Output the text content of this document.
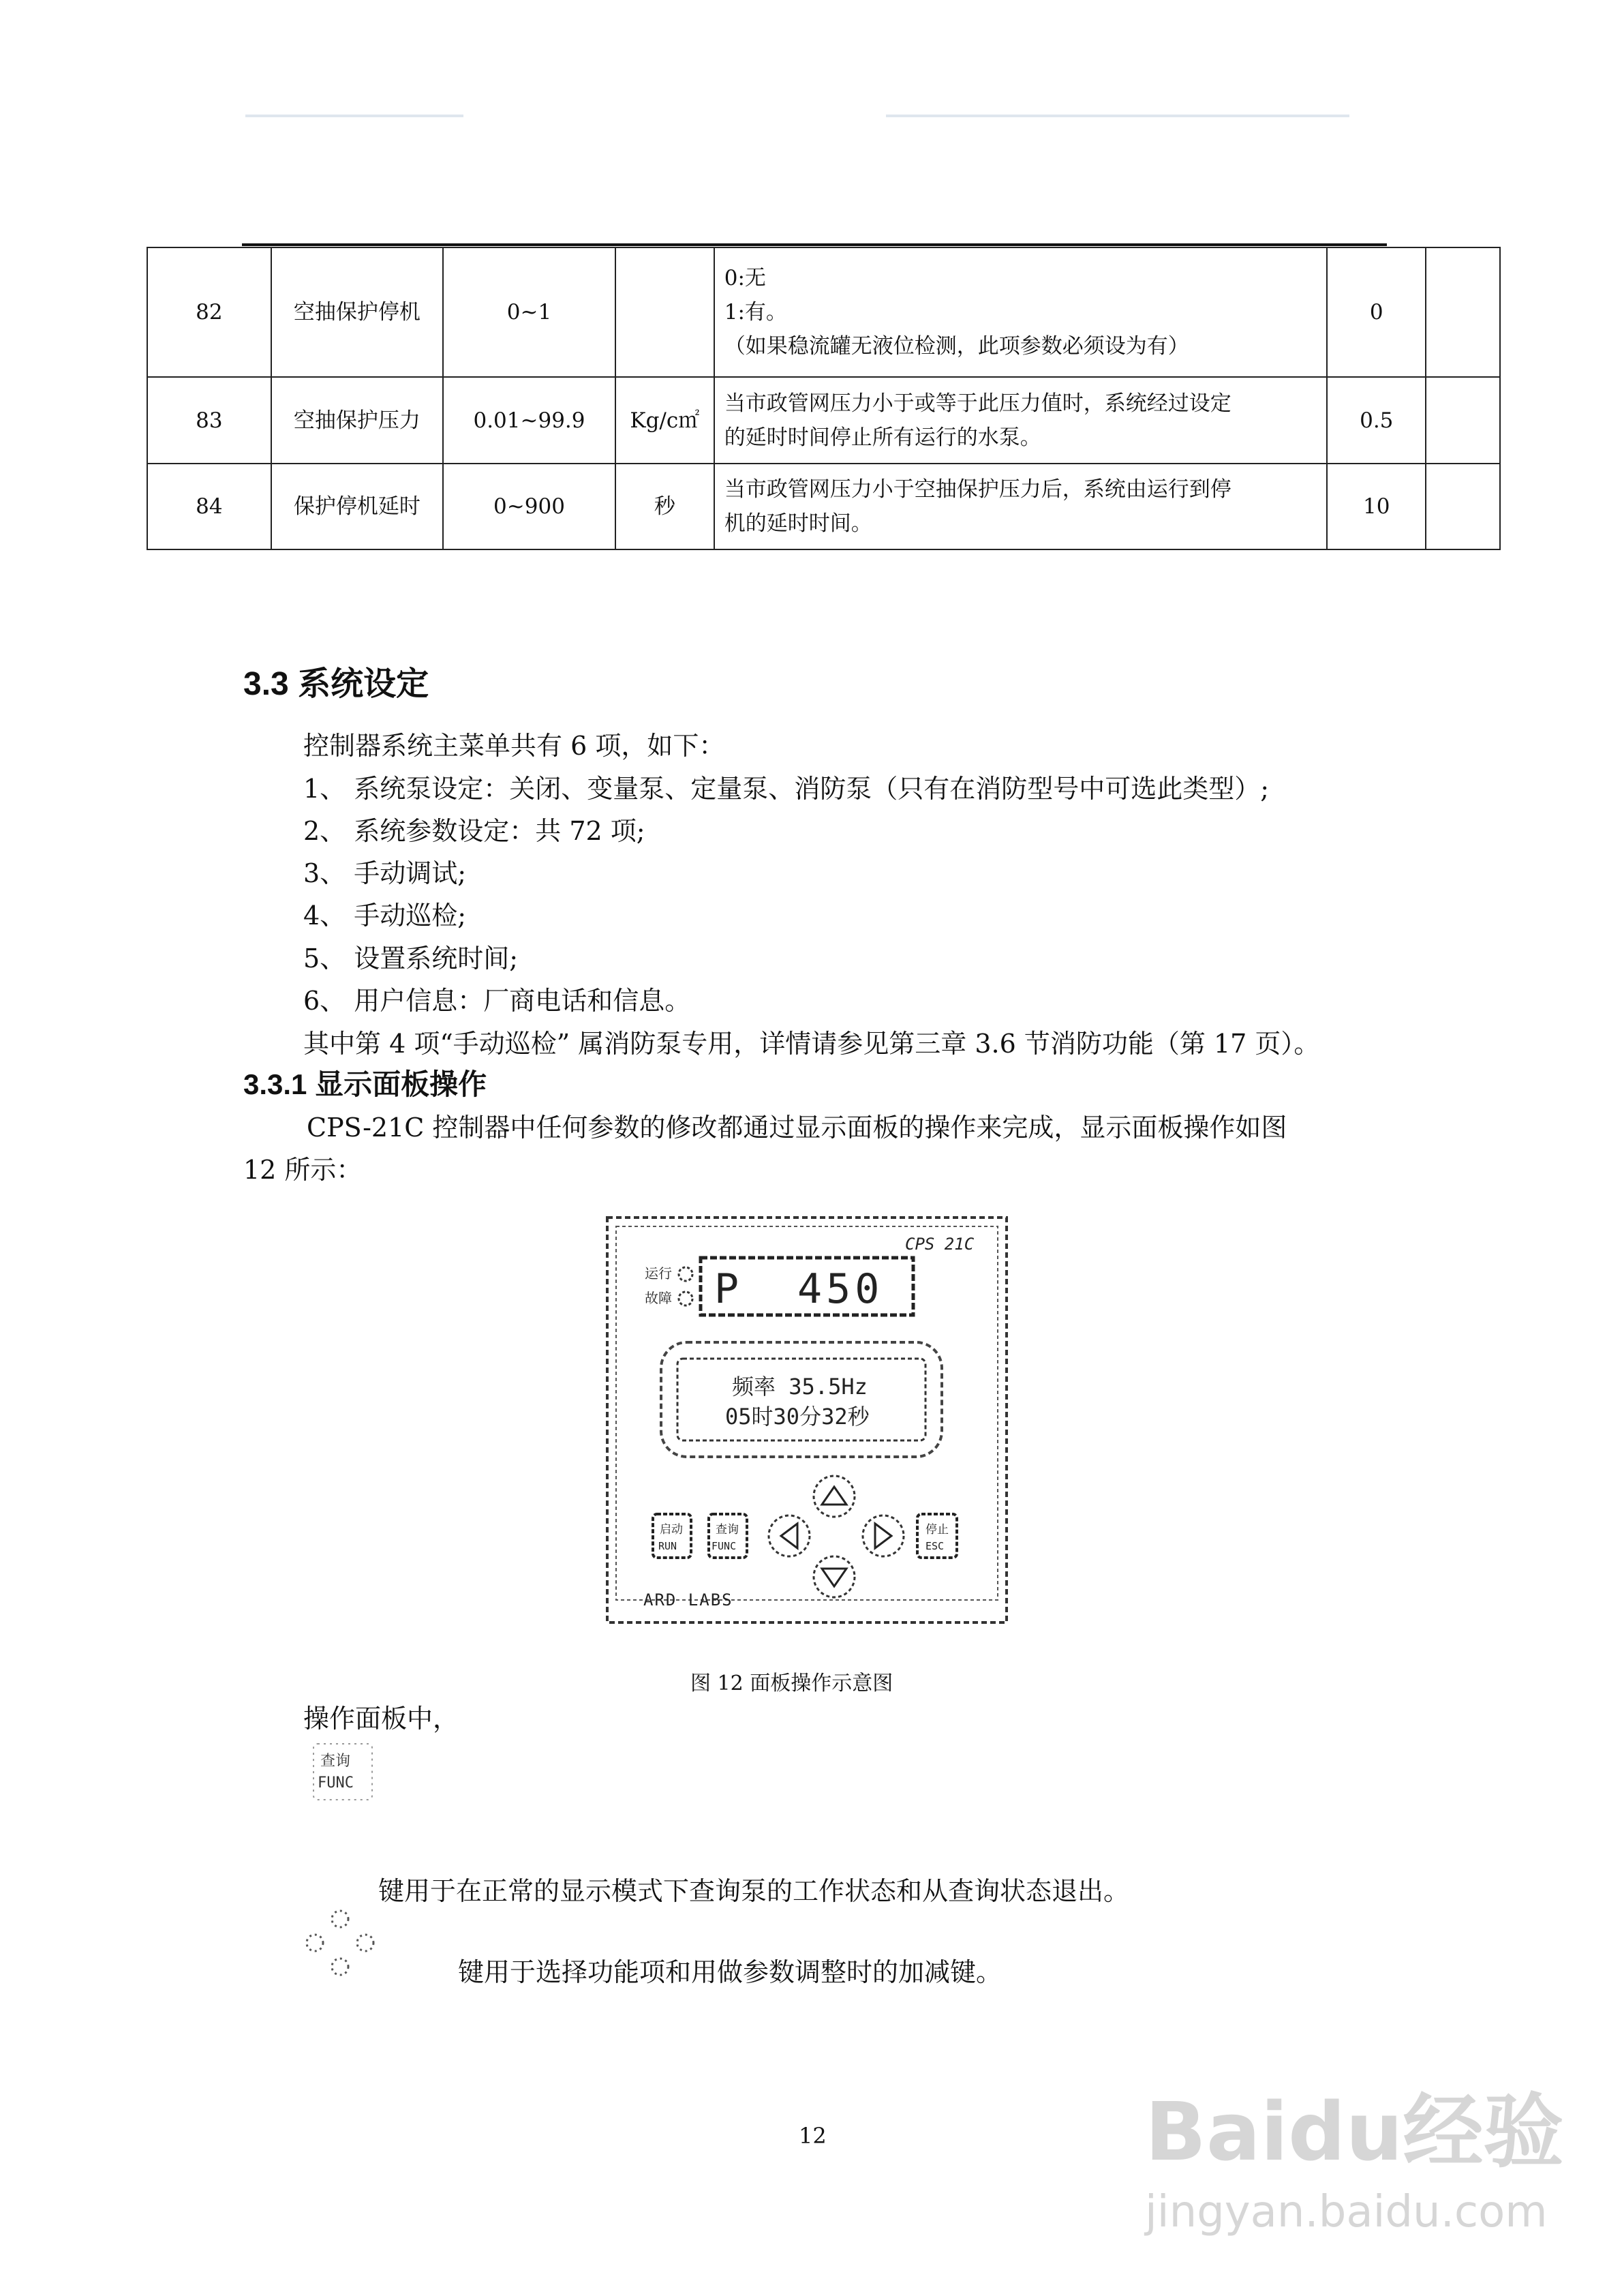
82	空抽保护停机	0~1		0:无
1:有。
（如果稳流罐无液位检测，此项参数必须设为有）	0	
83	空抽保护压力	0.01~99.9	Kg/c㎡	当市政管网压力小于或等于此压力值时，系统经过设定
的延时时间停止所有运行的水泵。	0.5	
84	保护停机延时	0~900	秒	当市政管网压力小于空抽保护压力后，系统由运行到停
机的延时时间。	10	
3.3 系统设定
控制器系统主菜单共有 6 项，如下：
1、 系统泵设定：关闭、变量泵、定量泵、消防泵（只有在消防型号中可选此类型）;
2、 系统参数设定：共 72 项;
3、 手动调试;
4、 手动巡检;
5、 设置系统时间;
6、 用户信息：厂商电话和信息。
其中第 4 项“手动巡检” 属消防泵专用，详情请参见第三章 3.6 节消防功能（第 17 页）。
3.3.1 显示面板操作
CPS-21C 控制器中任何参数的修改都通过显示面板的操作来完成，显示面板操作如图
12 所示：
CPS 21C
运行
故障 P 450
频率 35.5Hz
05时30分32秒
启动
RUN
查询
FUNC
停止
ESC
ARD LABS
图 12 面板操作示意图
操作面板中，
查询
FUNC
键用于在正常的显示模式下查询泵的工作状态和从查询状态退出。
键用于选择功能项和用做参数调整时的加减键。
12	Baidu经验
jingyan.baidu.com
